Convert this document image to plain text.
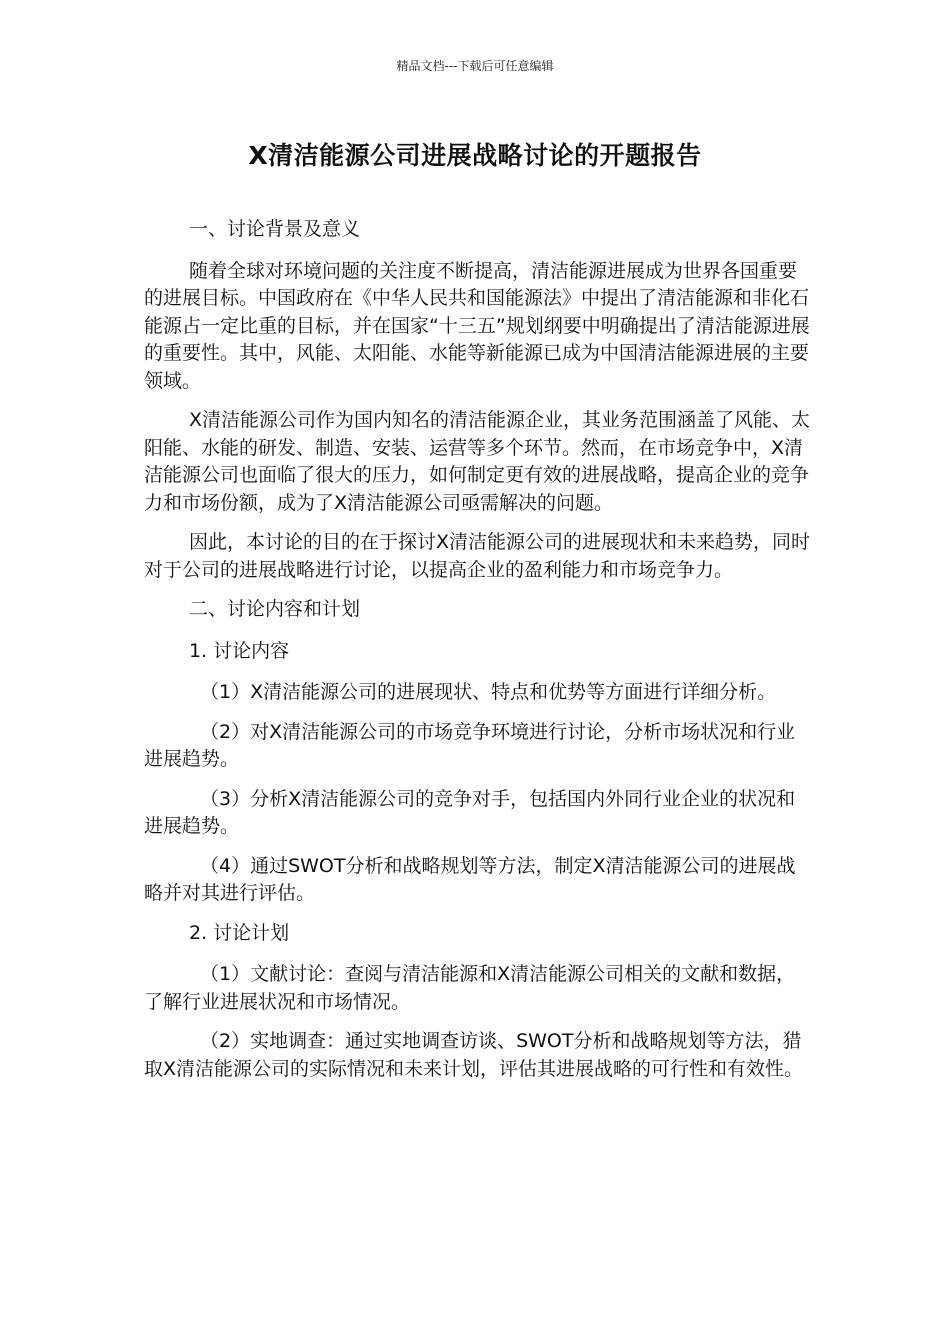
精品文档---下载后可任意编辑
X清洁能源公司进展战略讨论的开题报告

一、讨论背景及意义

随着全球对环境问题的关注度不断提高，清洁能源进展成为世界各国重要的进展目标。中国政府在《中华人民共和国能源法》中提出了清洁能源和非化石能源占一定比重的目标，并在国家“十三五”规划纲要中明确提出了清洁能源进展的重要性。其中，风能、太阳能、水能等新能源已成为中国清洁能源进展的主要领域。

X清洁能源公司作为国内知名的清洁能源企业，其业务范围涵盖了风能、太阳能、水能的研发、制造、安装、运营等多个环节。然而，在市场竞争中，X清洁能源公司也面临了很大的压力，如何制定更有效的进展战略，提高企业的竞争力和市场份额，成为了X清洁能源公司亟需解决的问题。

因此，本讨论的目的在于探讨X清洁能源公司的进展现状和未来趋势，同时对于公司的进展战略进行讨论，以提高企业的盈利能力和市场竞争力。

二、讨论内容和计划

1. 讨论内容

（1）X清洁能源公司的进展现状、特点和优势等方面进行详细分析。

（2）对X清洁能源公司的市场竞争环境进行讨论，分析市场状况和行业进展趋势。

（3）分析X清洁能源公司的竞争对手，包括国内外同行业企业的状况和进展趋势。

（4）通过SWOT分析和战略规划等方法，制定X清洁能源公司的进展战略并对其进行评估。

2. 讨论计划

（1）文献讨论：查阅与清洁能源和X清洁能源公司相关的文献和数据，了解行业进展状况和市场情况。

（2）实地调查：通过实地调查访谈、SWOT分析和战略规划等方法，猎取X清洁能源公司的实际情况和未来计划，评估其进展战略的可行性和有效性。
